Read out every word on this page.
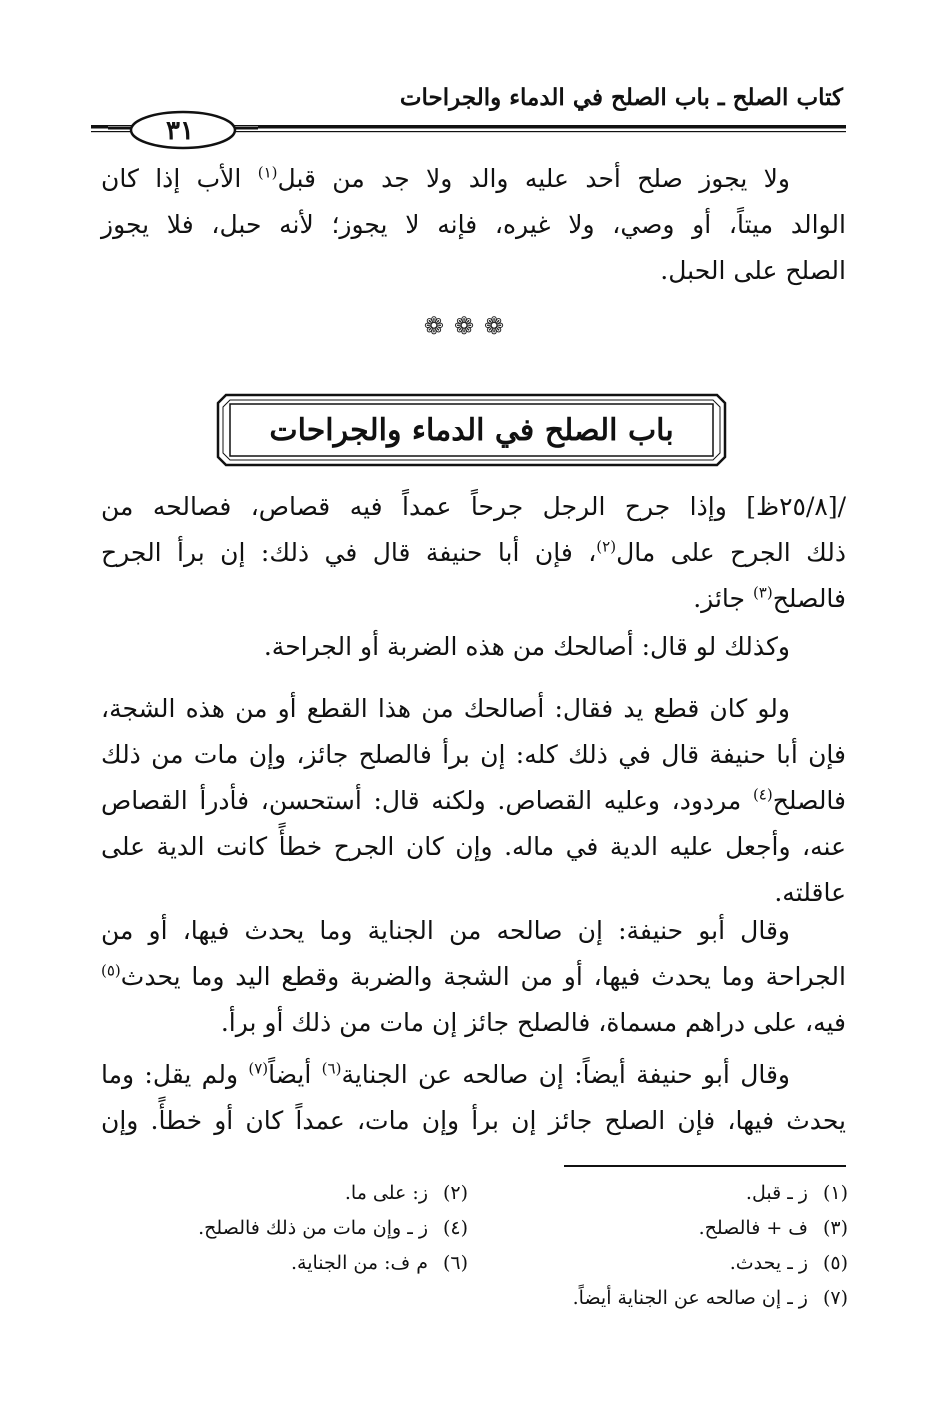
كتاب الصلح ـ باب الصلح في الدماء والجراحات
٣١
ولا يجوز صلح أحد عليه والد ولا جد من قبل$^{(١)}$ الأب إذا كان
الوالد ميتاً، أو وصي، ولا غيره، فإنه لا يجوز؛ لأنه حبل، فلا يجوز
الصلح على الحبل.
❁❁❁
باب الصلح في الدماء والجراحات
/[٢٥/٨ظ] وإذا جرح الرجل جرحاً عمداً فيه قصاص، فصالحه من
ذلك الجرح على مال$^{(٢)}$، فإن أبا حنيفة قال في ذلك: إن برأ الجرح
فالصلح$^{(٣)}$ جائز.
وكذلك لو قال: أصالحك من هذه الضربة أو الجراحة.
ولو كان قطع يد فقال: أصالحك من هذا القطع أو من هذه الشجة،
فإن أبا حنيفة قال في ذلك كله: إن برأ فالصلح جائز، وإن مات من ذلك
فالصلح$^{(٤)}$ مردود، وعليه القصاص. ولكنه قال: أستحسن، فأدرأ القصاص
عنه، وأجعل عليه الدية في ماله. وإن كان الجرح خطأً كانت الدية على
عاقلته.
وقال أبو حنيفة: إن صالحه من الجناية وما يحدث فيها، أو من
الجراحة وما يحدث فيها، أو من الشجة والضربة وقطع اليد وما يحدث$^{(٥)}$
فيه، على دراهم مسماة، فالصلح جائز إن مات من ذلك أو برأ.
وقال أبو حنيفة أيضاً: إن صالحه عن الجناية$^{(٦)}$ أيضاً$^{(٧)}$ ولم يقل: وما
يحدث فيها، فإن الصلح جائز إن برأ وإن مات، عمداً كان أو خطأً. وإن
(١)ز ـ قبل.
(٢)ز: على ما.
(٣)ف + فالصلح.
(٤)ز ـ وإن مات من ذلك فالصلح.
(٥)ز ـ يحدث.
(٦)م ف: من الجناية.
(٧)ز ـ إن صالحه عن الجناية أيضاً.
